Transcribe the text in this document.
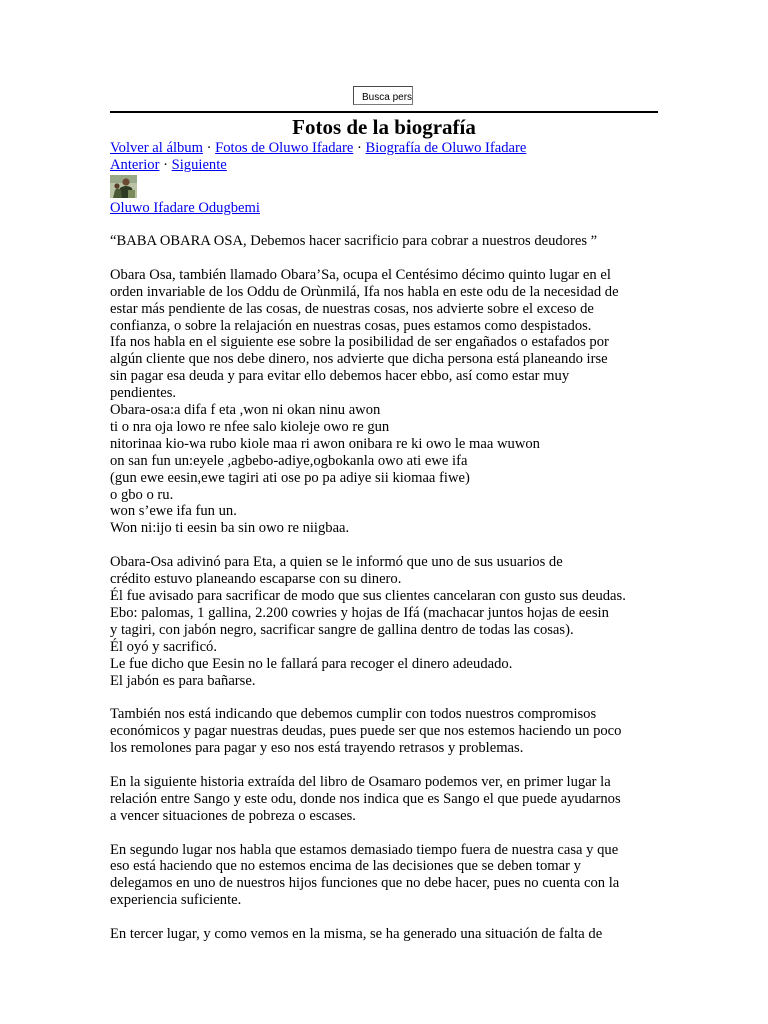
Busca pers
Fotos de la biografía
Volver al álbum · Fotos de Oluwo Ifadare · Biografía de Oluwo Ifadare
Anterior · Siguiente
Oluwo Ifadare Odugbemi

“BABA OBARA OSA, Debemos hacer sacrificio para cobrar a nuestros deudores ”

Obara Osa, también llamado Obara’Sa, ocupa el Centésimo décimo quinto lugar en el
orden invariable de los Oddu de Orùnmilá, Ifa nos habla en este odu de la necesidad de
estar más pendiente de las cosas, de nuestras cosas, nos advierte sobre el exceso de
confianza, o sobre la relajación en nuestras cosas, pues estamos como despistados.
Ifa nos habla en el siguiente ese sobre la posibilidad de ser engañados o estafados por
algún cliente que nos debe dinero, nos advierte que dicha persona está planeando irse
sin pagar esa deuda y para evitar ello debemos hacer ebbo, así como estar muy
pendientes.
Obara-osa:a difa f eta ,won ni okan ninu awon
ti o nra oja lowo re nfee salo kioleje owo re gun
nitorinaa kio-wa rubo kiole maa ri awon onibara re ki owo le maa wuwon
on san fun un:eyele ,agbebo-adiye,ogbokanla owo ati ewe ifa
(gun ewe eesin,ewe tagiri ati ose po pa adiye sii kiomaa fiwe)
o gbo o ru.
won s’ewe ifa fun un.
Won ni:ijo ti eesin ba sin owo re niigbaa.

Obara-Osa adivinó para Eta, a quien se le informó que uno de sus usuarios de
crédito estuvo planeando escaparse con su dinero.
Él fue avisado para sacrificar de modo que sus clientes cancelaran con gusto sus deudas.
Ebo: palomas, 1 gallina, 2.200 cowries y hojas de Ifá (machacar juntos hojas de eesin
y tagiri, con jabón negro, sacrificar sangre de gallina dentro de todas las cosas).
Él oyó y sacrificó.
Le fue dicho que Eesin no le fallará para recoger el dinero adeudado.
El jabón es para bañarse.

También nos está indicando que debemos cumplir con todos nuestros compromisos
económicos y pagar nuestras deudas, pues puede ser que nos estemos haciendo un poco
los remolones para pagar y eso nos está trayendo retrasos y problemas.

En la siguiente historia extraída del libro de Osamaro podemos ver, en primer lugar la
relación entre Sango y este odu, donde nos indica que es Sango el que puede ayudarnos
a vencer situaciones de pobreza o escases.

En segundo lugar nos habla que estamos demasiado tiempo fuera de nuestra casa y que
eso está haciendo que no estemos encima de las decisiones que se deben tomar y
delegamos en uno de nuestros hijos funciones que no debe hacer, pues no cuenta con la
experiencia suficiente.

En tercer lugar, y como vemos en la misma, se ha generado una situación de falta de
